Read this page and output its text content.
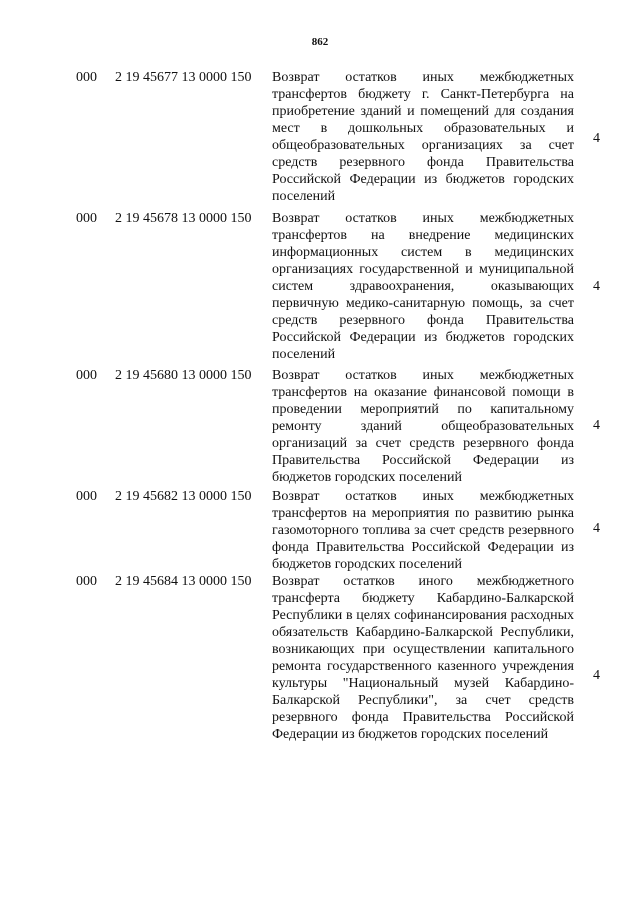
862
000 2 19 45677 13 0000 150 Возврат остатков иных межбюджетных трансфертов бюджету г. Санкт-Петербурга на приобретение зданий и помещений для создания мест в дошкольных образовательных и общеобразовательных организациях за счет средств резервного фонда Правительства Российской Федерации из бюджетов городских поселений
4
000 2 19 45678 13 0000 150 Возврат остатков иных межбюджетных трансфертов на внедрение медицинских информационных систем в медицинских организациях государственной и муниципальной систем здравоохранения, оказывающих первичную медико-санитарную помощь, за счет средств резервного фонда Правительства Российской Федерации из бюджетов городских поселений
4
000 2 19 45680 13 0000 150 Возврат остатков иных межбюджетных трансфертов на оказание финансовой помощи в проведении мероприятий по капитальному ремонту зданий общеобразовательных организаций за счет средств резервного фонда Правительства Российской Федерации из бюджетов городских поселений
4
000 2 19 45682 13 0000 150 Возврат остатков иных межбюджетных трансфертов на мероприятия по развитию рынка газомоторного топлива за счет средств резервного фонда Правительства Российской Федерации из бюджетов городских поселений
4
000 2 19 45684 13 0000 150 Возврат остатков иного межбюджетного трансферта бюджету Кабардино-Балкарской Республики в целях софинансирования расходных обязательств Кабардино-Балкарской Республики, возникающих при осуществлении капитального ремонта государственного казенного учреждения культуры "Национальный музей Кабардино-Балкарской Республики", за счет средств резервного фонда Правительства Российской Федерации из бюджетов городских поселений
4
